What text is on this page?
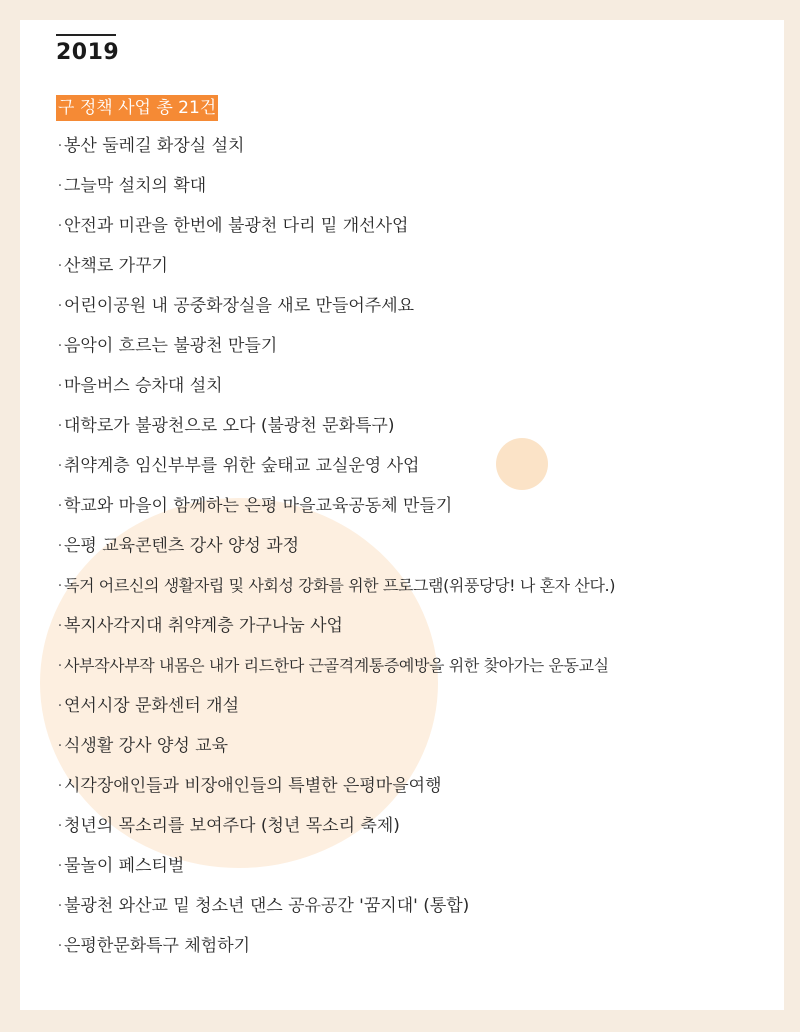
2019
구 정책 사업 총 21건
· 봉산 둘레길 화장실 설치
· 그늘막 설치의 확대
· 안전과 미관을 한번에 불광천 다리 밑 개선사업
· 산책로 가꾸기
· 어린이공원 내 공중화장실을 새로 만들어주세요
· 음악이 흐르는 불광천 만들기
· 마을버스 승차대 설치
· 대학로가 불광천으로 오다 (불광천 문화특구)
· 취약계층 임신부부를 위한 숲태교 교실운영 사업
· 학교와 마을이 함께하는 은평 마을교육공동체 만들기
· 은평 교육콘텐츠 강사 양성 과정
· 독거 어르신의 생활자립 및 사회성 강화를 위한 프로그램(위풍당당! 나 혼자 산다.)
· 복지사각지대 취약계층 가구나눔 사업
· 사부작사부작 내몸은 내가 리드한다 근골격계통증예방을 위한 찾아가는 운동교실
· 연서시장 문화센터 개설
· 식생활 강사 양성 교육
· 시각장애인들과 비장애인들의 특별한 은평마을여행
· 청년의 목소리를 보여주다 (청년 목소리 축제)
· 물놀이 페스티벌
· 불광천 와산교 밑 청소년 댄스 공유공간 '꿈지대' (통합)
· 은평한문화특구 체험하기
